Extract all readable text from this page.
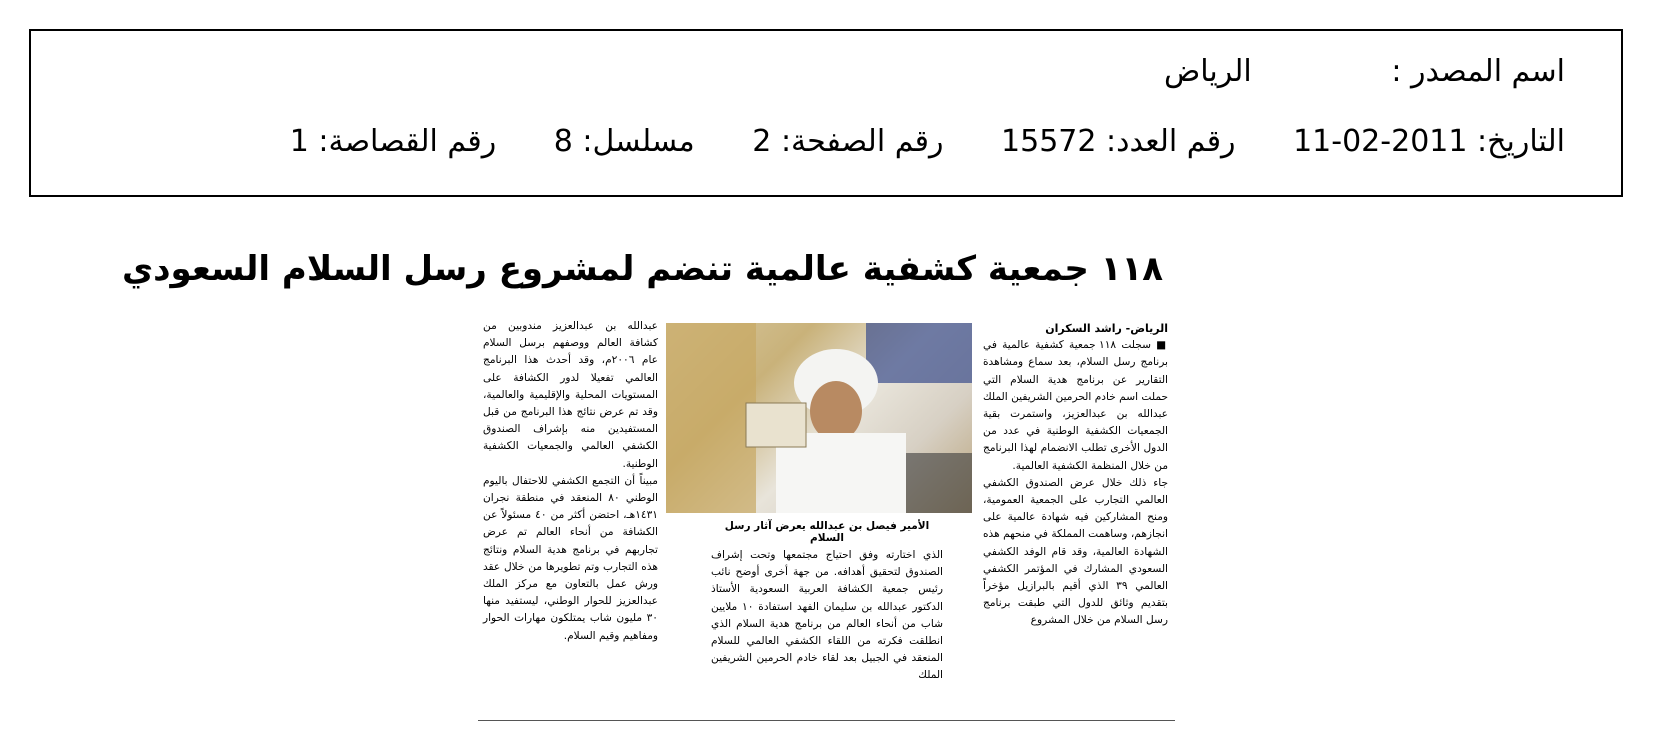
اسم المصدر : الرياض
التاريخ: 2011-02-11 رقم العدد: 15572 رقم الصفحة: 2 مسلسل: 8 رقم القصاصة: 1
١١٨ جمعية كشفية عالمية تنضم لمشروع رسل السلام السعودي

الرياض- راشد السكران

■ سجلت ١١٨ جمعية كشفية عالمية في برنامج رسل السلام، بعد سماع ومشاهدة التقارير عن برنامج هدية السلام التي حملت اسم خادم الحرمين الشريفين الملك عبدالله بن عبدالعزيز، واستمرت بقية الجمعيات الكشفية الوطنية في عدد من الدول الأخرى تطلب الانضمام لهذا البرنامج من خلال المنظمة الكشفية العالمية.

جاء ذلك خلال عرض الصندوق الكشفي العالمي التجارب على الجمعية العمومية، ومنح المشاركين فيه شهادة عالمية على انجازهم، وساهمت المملكة في منحهم هذه الشهادة العالمية، وقد قام الوفد الكشفي السعودي المشارك في المؤتمر الكشفي العالمي ٣٩ الذي أقيم بالبرازيل مؤخراً بتقديم وثائق للدول التي طبقت برنامج رسل السلام من خلال المشروع

الأمير فيصل بن عبدالله يعرض آثار رسل السلام

الذي اختارته وفق احتياج مجتمعها وتحت إشراف الصندوق لتحقيق أهدافه. من جهة أخرى أوضح نائب رئيس جمعية الكشافة العربية السعودية الأستاذ الدكتور عبدالله بن سليمان الفهد استفادة ١٠ ملايين شاب من أنحاء العالم من برنامج هدية السلام الذي انطلقت فكرته من اللقاء الكشفي العالمي للسلام المنعقد في الجبيل بعد لقاء خادم الحرمين الشريفين الملك

عبدالله بن عبدالعزيز مندوبين من كشافة العالم ووصفهم برسل السلام عام ٢٠٠٦م، وقد أحدث هذا البرنامج العالمي تفعيلا لدور الكشافة على المستويات المحلية والإقليمية والعالمية، وقد تم عرض نتائج هذا البرنامج من قبل المستفيدين منه بإشراف الصندوق الكشفي العالمي والجمعيات الكشفية الوطنية.

مبيناً أن التجمع الكشفي للاحتفال باليوم الوطني ٨٠ المنعقد في منطقة نجران ١٤٣١هـ، احتضن أكثر من ٤٠ مسئولاً عن الكشافة من أنحاء العالم تم عرض تجاربهم في برنامج هدية السلام ونتائج هذه التجارب وتم تطويرها من خلال عقد ورش عمل بالتعاون مع مركز الملك عبدالعزيز للحوار الوطني، ليستفيد منها ٣٠ مليون شاب يمتلكون مهارات الحوار ومفاهيم وقيم السلام.
